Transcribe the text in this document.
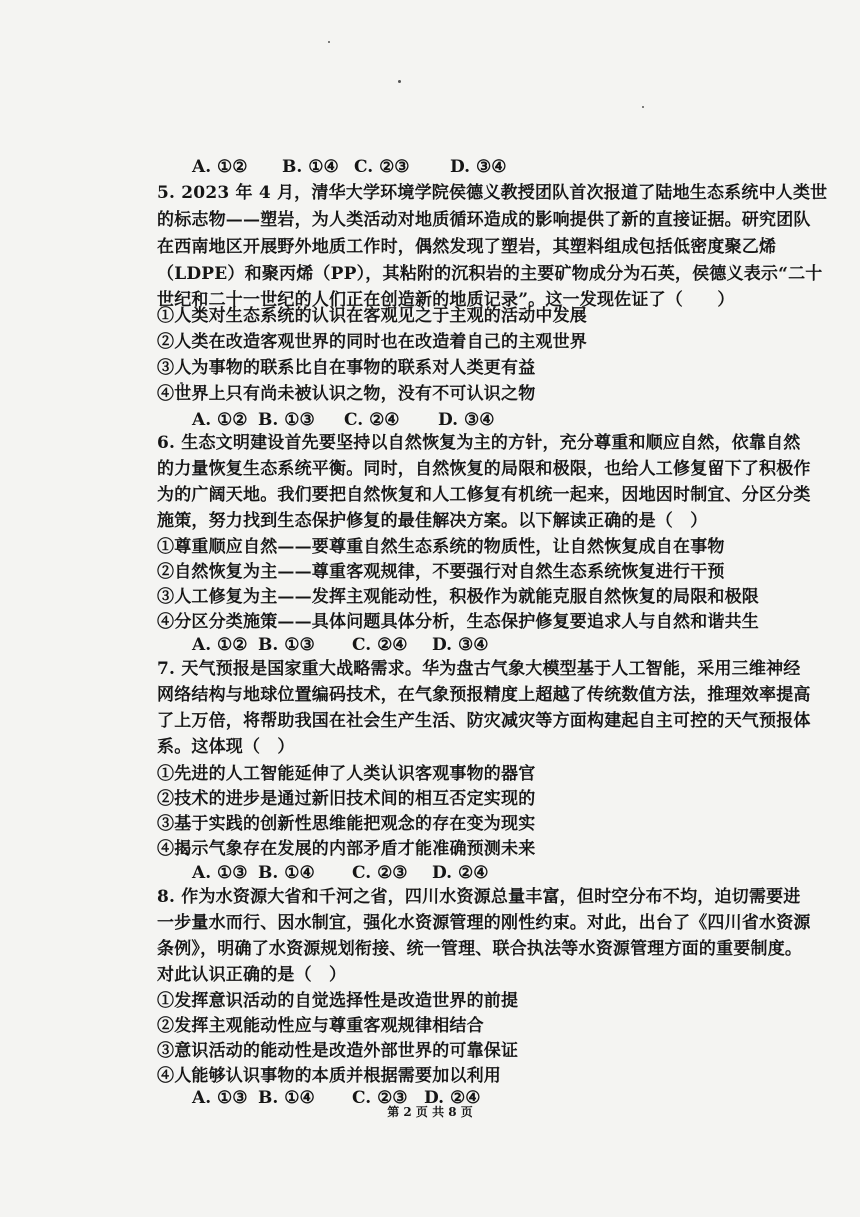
A. ①② B. ①④ C. ②③ D. ③④
5. 2023 年 4 月，清华大学环境学院侯德义教授团队首次报道了陆地生态系统中人类世
的标志物——塑岩，为人类活动对地质循环造成的影响提供了新的直接证据。研究团队
在西南地区开展野外地质工作时，偶然发现了塑岩，其塑料组成包括低密度聚乙烯
（LDPE）和聚丙烯（PP），其粘附的沉积岩的主要矿物成分为石英，侯德义表示“二十
世纪和二十一世纪的人们正在创造新的地质记录”。这一发现佐证了（　　）
①人类对生态系统的认识在客观见之于主观的活动中发展
②人类在改造客观世界的同时也在改造着自己的主观世界
③人为事物的联系比自在事物的联系对人类更有益
④世界上只有尚未被认识之物，没有不可认识之物
A. ①② B. ①③ C. ②④ D. ③④
6. 生态文明建设首先要坚持以自然恢复为主的方针，充分尊重和顺应自然，依靠自然
的力量恢复生态系统平衡。同时，自然恢复的局限和极限，也给人工修复留下了积极作
为的广阔天地。我们要把自然恢复和人工修复有机统一起来，因地因时制宜、分区分类
施策，努力找到生态保护修复的最佳解决方案。以下解读正确的是（　）
①尊重顺应自然——要尊重自然生态系统的物质性，让自然恢复成自在事物
②自然恢复为主——尊重客观规律，不要强行对自然生态系统恢复进行干预
③人工修复为主——发挥主观能动性，积极作为就能克服自然恢复的局限和极限
④分区分类施策——具体问题具体分析，生态保护修复要追求人与自然和谐共生
A. ①② B. ①③ C. ②④ D. ③④
7. 天气预报是国家重大战略需求。华为盘古气象大模型基于人工智能，采用三维神经
网络结构与地球位置编码技术，在气象预报精度上超越了传统数值方法，推理效率提高
了上万倍，将帮助我国在社会生产生活、防灾减灾等方面构建起自主可控的天气预报体
系。这体现（　）
①先进的人工智能延伸了人类认识客观事物的器官
②技术的进步是通过新旧技术间的相互否定实现的
③基于实践的创新性思维能把观念的存在变为现实
④揭示气象存在发展的内部矛盾才能准确预测未来
A. ①③ B. ①④ C. ②③ D. ②④
8. 作为水资源大省和千河之省，四川水资源总量丰富，但时空分布不均，迫切需要进
一步量水而行、因水制宜，强化水资源管理的刚性约束。对此，出台了《四川省水资源
条例》，明确了水资源规划衔接、统一管理、联合执法等水资源管理方面的重要制度。
对此认识正确的是（　）
①发挥意识活动的自觉选择性是改造世界的前提
②发挥主观能动性应与尊重客观规律相结合
③意识活动的能动性是改造外部世界的可靠保证
④人能够认识事物的本质并根据需要加以利用
A. ①③ B. ①④ C. ②③ D. ②④
第 2 页 共 8 页
